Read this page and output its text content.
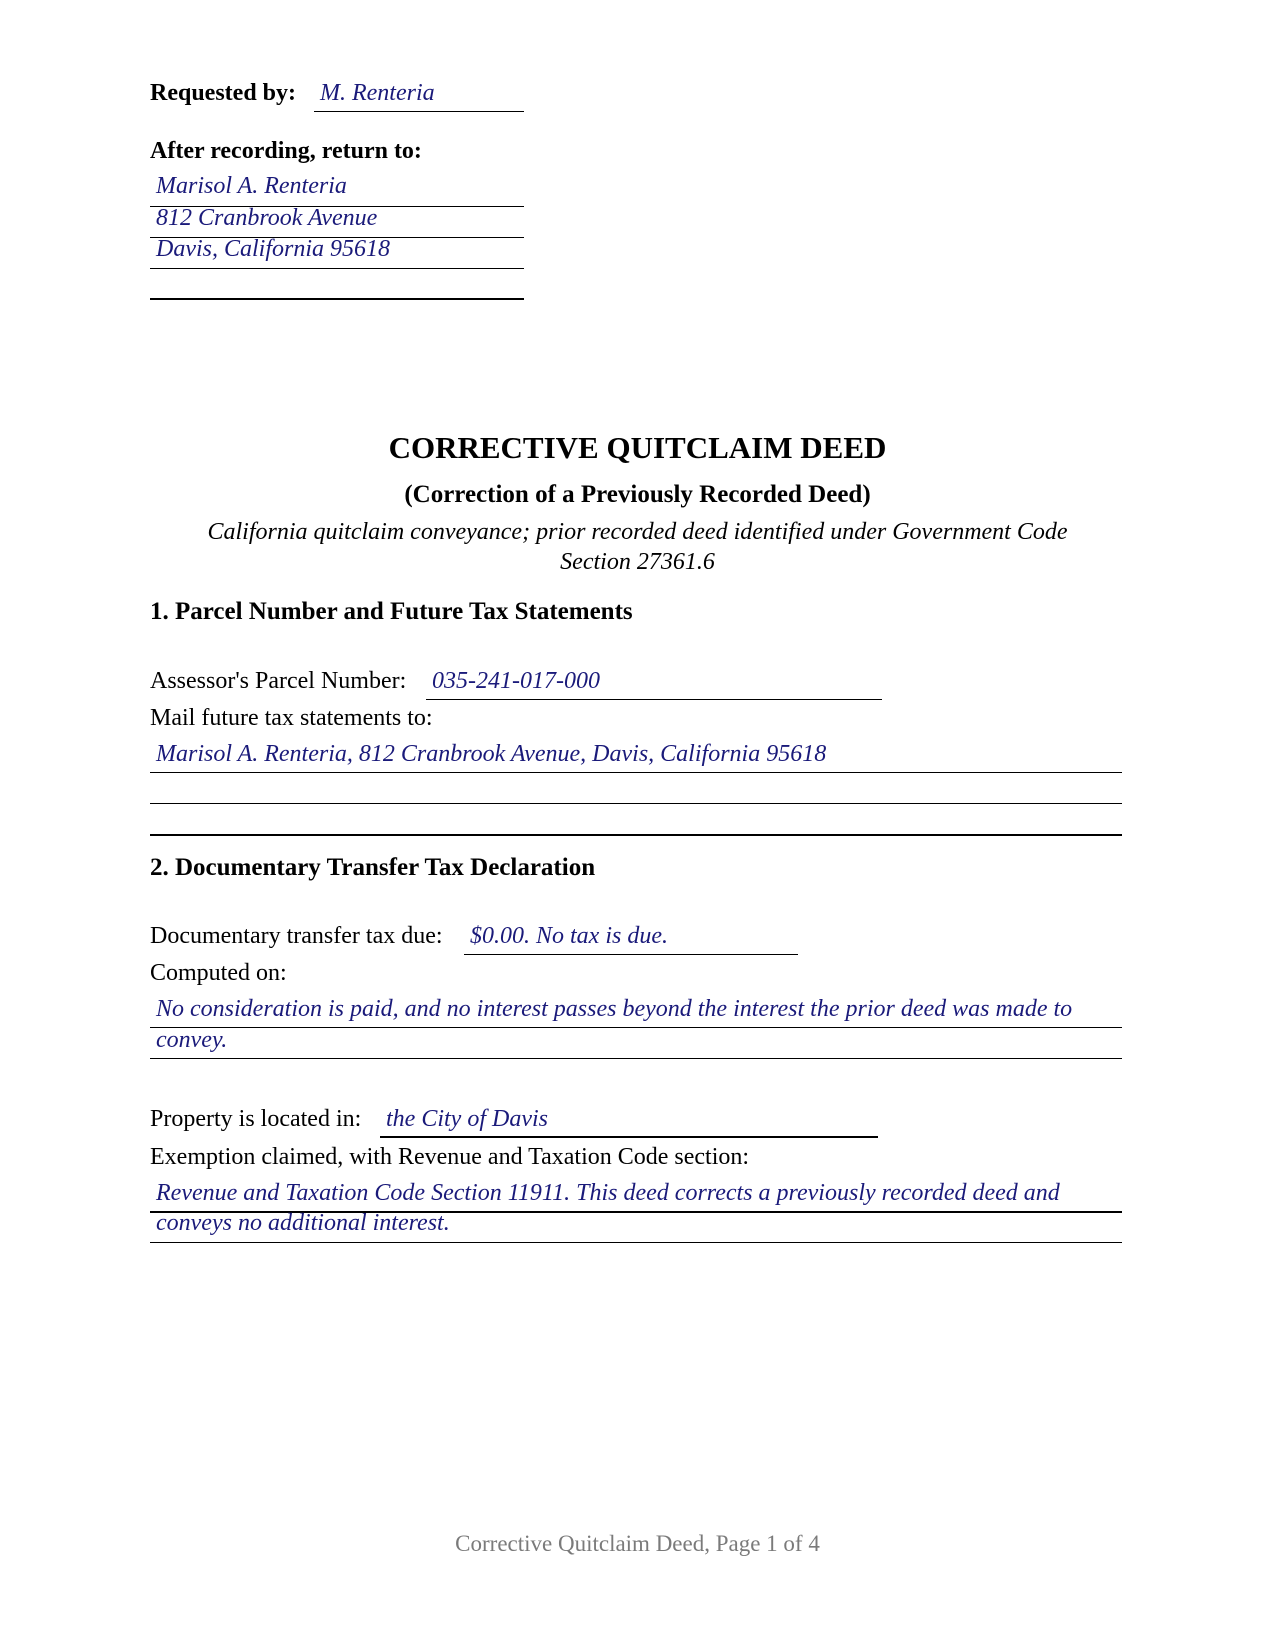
Requested by: M. Renteria
After recording, return to:
Marisol A. Renteria
812 Cranbrook Avenue
Davis, California 95618
CORRECTIVE QUITCLAIM DEED
(Correction of a Previously Recorded Deed)
California quitclaim conveyance; prior recorded deed identified under Government Code
Section 27361.6
1. Parcel Number and Future Tax Statements
Assessor's Parcel Number: 035-241-017-000
Mail future tax statements to:
Marisol A. Renteria, 812 Cranbrook Avenue, Davis, California 95618
2. Documentary Transfer Tax Declaration
Documentary transfer tax due: $0.00. No tax is due.
Computed on:
No consideration is paid, and no interest passes beyond the interest the prior deed was made to
convey.
Property is located in: the City of Davis
Exemption claimed, with Revenue and Taxation Code section:
Revenue and Taxation Code Section 11911. This deed corrects a previously recorded deed and
conveys no additional interest.
Corrective Quitclaim Deed, Page 1 of 4
